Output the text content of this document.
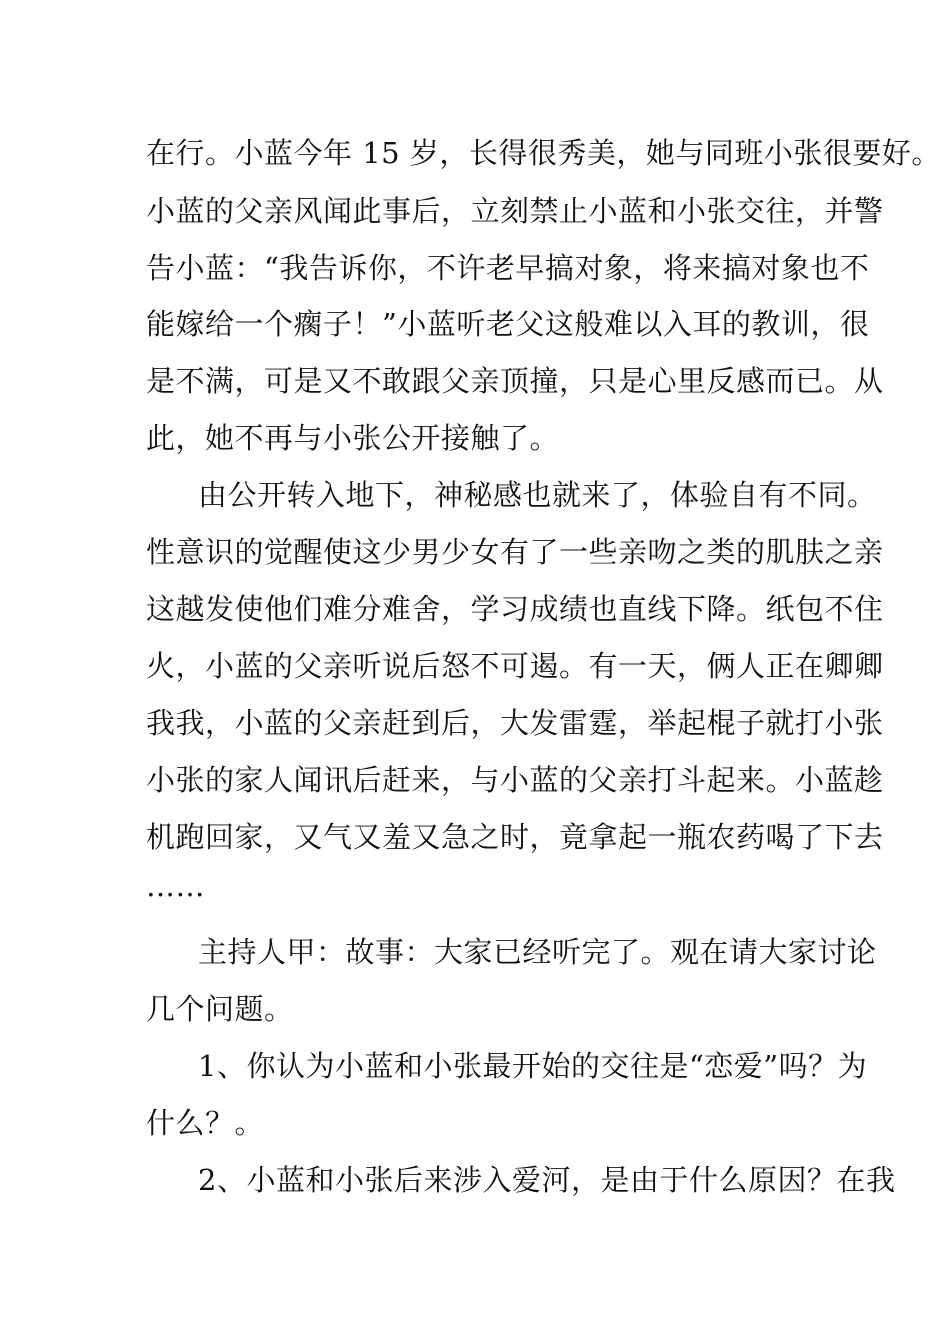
在行。小蓝今年 15 岁，长得很秀美，她与同班小张很要好。
小蓝的父亲风闻此事后，立刻禁止小蓝和小张交往，并警
告小蓝：“我告诉你，不许老早搞对象，将来搞对象也不
能嫁给一个瘸子！”小蓝听老父这般难以入耳的教训，很
是不满，可是又不敢跟父亲顶撞，只是心里反感而已。从
此，她不再与小张公开接触了。
由公开转入地下，神秘感也就来了，体验自有不同。
性意识的觉醒使这少男少女有了一些亲吻之类的肌肤之亲
这越发使他们难分难舍，学习成绩也直线下降。纸包不住
火，小蓝的父亲听说后怒不可遏。有一天，俩人正在卿卿
我我，小蓝的父亲赶到后，大发雷霆，举起棍子就打小张
小张的家人闻讯后赶来，与小蓝的父亲打斗起来。小蓝趁
机跑回家，又气又羞又急之时，竟拿起一瓶农药喝了下去
……
主持人甲：故事：大家已经听完了。观在请大家讨论
几个问题。
1、你认为小蓝和小张最开始的交往是“恋爱”吗？为
什么？。
2、小蓝和小张后来涉入爱河，是由于什么原因？在我
